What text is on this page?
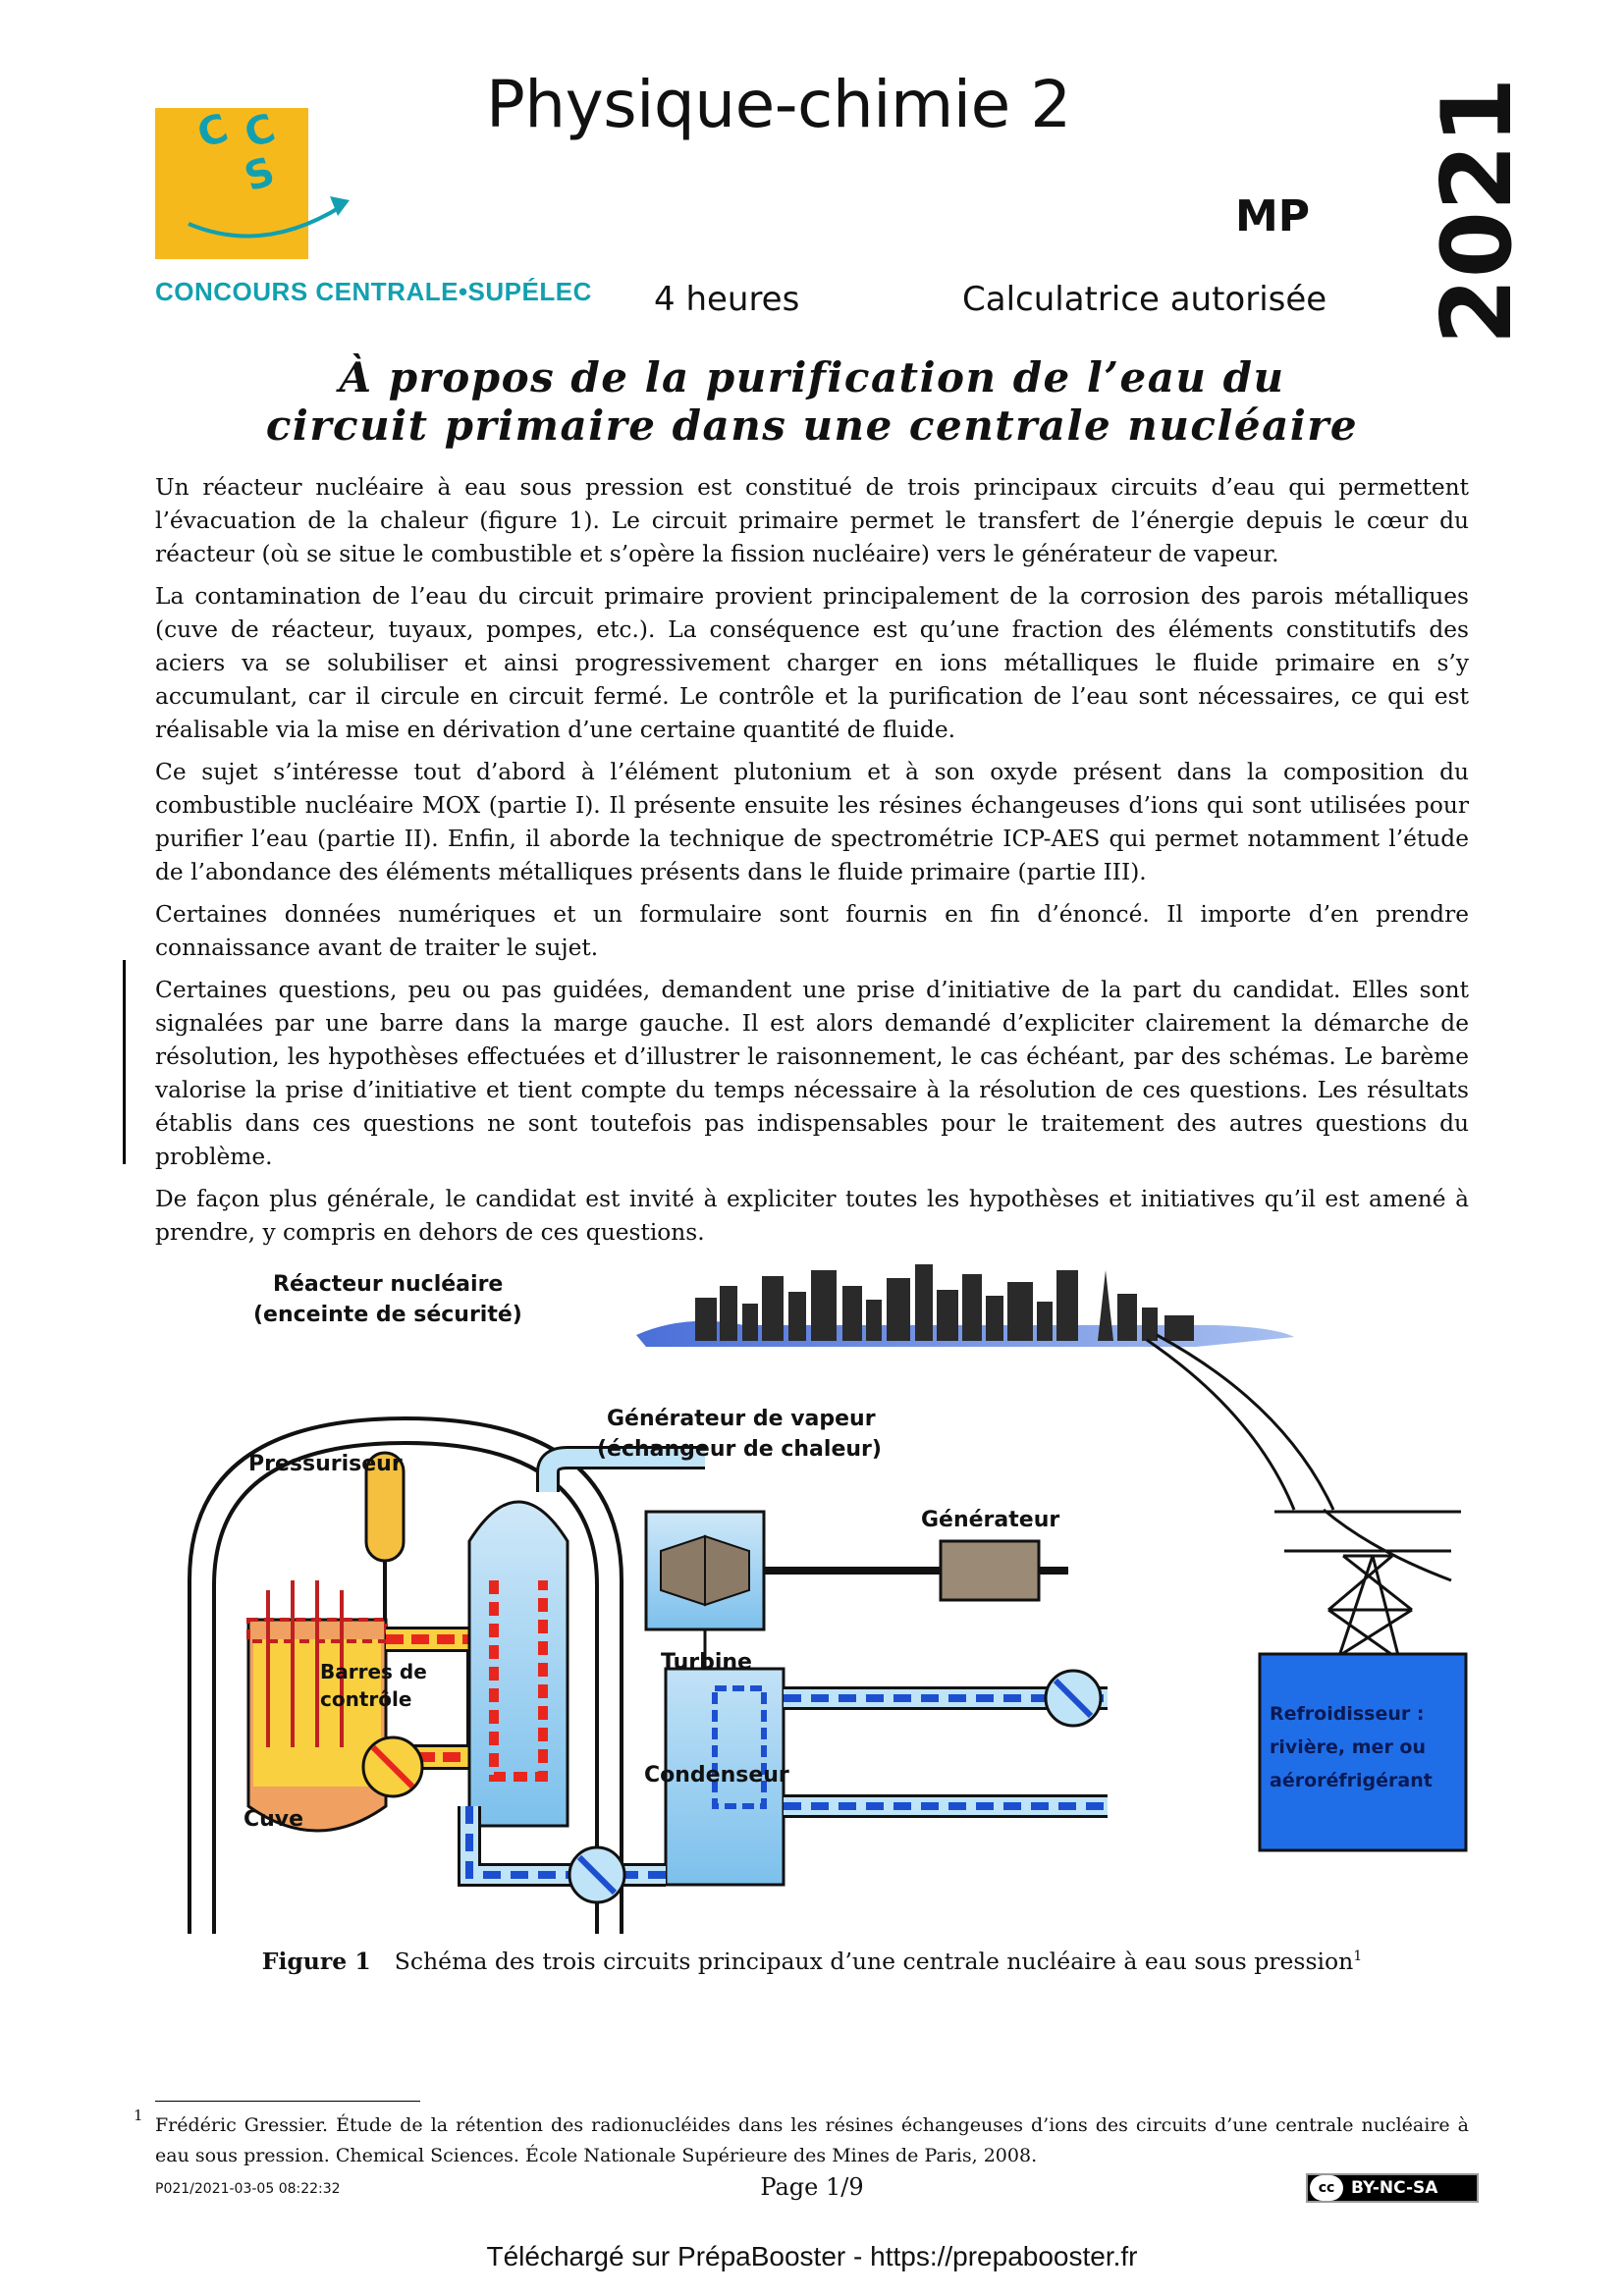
C C
S
CONCOURS CENTRALE•SUPÉLEC
Physique-chimie 2
MP 2021
4 heures	Calculatrice autorisée
À propos de la purification de l’eau du
circuit primaire dans une centrale nucléaire

Un réacteur nucléaire à eau sous pression est constitué de trois principaux circuits d’eau qui permettent l’évacuation de la chaleur (figure 1). Le circuit primaire permet le transfert de l’énergie depuis le cœur du réacteur (où se situe le combustible et s’opère la fission nucléaire) vers le générateur de vapeur.

La contamination de l’eau du circuit primaire provient principalement de la corrosion des parois métalliques (cuve de réacteur, tuyaux, pompes, etc.). La conséquence est qu’une fraction des éléments constitutifs des aciers va se solubiliser et ainsi progressivement charger en ions métalliques le fluide primaire en s’y accumulant, car il circule en circuit fermé. Le contrôle et la purification de l’eau sont nécessaires, ce qui est réalisable via la mise en dérivation d’une certaine quantité de fluide.

Ce sujet s’intéresse tout d’abord à l’élément plutonium et à son oxyde présent dans la composition du combustible nucléaire MOX (partie I). Il présente ensuite les résines échangeuses d’ions qui sont utilisées pour purifier l’eau (partie II). Enfin, il aborde la technique de spectrométrie ICP-AES qui permet notamment l’étude de l’abondance des éléments métalliques présents dans le fluide primaire (partie III).

Certaines données numériques et un formulaire sont fournis en fin d’énoncé. Il importe d’en prendre connaissance avant de traiter le sujet.

Certaines questions, peu ou pas guidées, demandent une prise d’initiative de la part du candidat. Elles sont signalées par une barre dans la marge gauche. Il est alors demandé d’expliciter clairement la démarche de résolution, les hypothèses effectuées et d’illustrer le raisonnement, le cas échéant, par des schémas. Le barème valorise la prise d’initiative et tient compte du temps nécessaire à la résolution de ces questions. Les résultats établis dans ces questions ne sont toutefois pas indispensables pour le traitement des autres questions du problème.

De façon plus générale, le candidat est invité à expliciter toutes les hypothèses et initiatives qu’il est amené à prendre, y compris en dehors de ces questions.

Réacteur nucléaire
(enceinte de sécurité)
Pressuriseur
Générateur de vapeur
(échangeur de chaleur)
Générateur
Turbine
Barres de
contrôle
Cuve
Condenseur
Refroidisseur :
rivière, mer ou
aéroréfrigérant
Figure 1 Schéma des trois circuits principaux d’une centrale nucléaire à eau sous pression$^1$
1 Frédéric Gressier. Étude de la rétention des radionucléides dans les résines échangeuses d’ions des circuits d’une centrale nucléaire à eau sous pression. Chemical Sciences. École Nationale Supérieure des Mines de Paris, 2008.
P021/2021-03-05 08:22:32	Page 1/9	cc BY-NC-SA
Téléchargé sur PrépaBooster - https://prepabooster.fr
